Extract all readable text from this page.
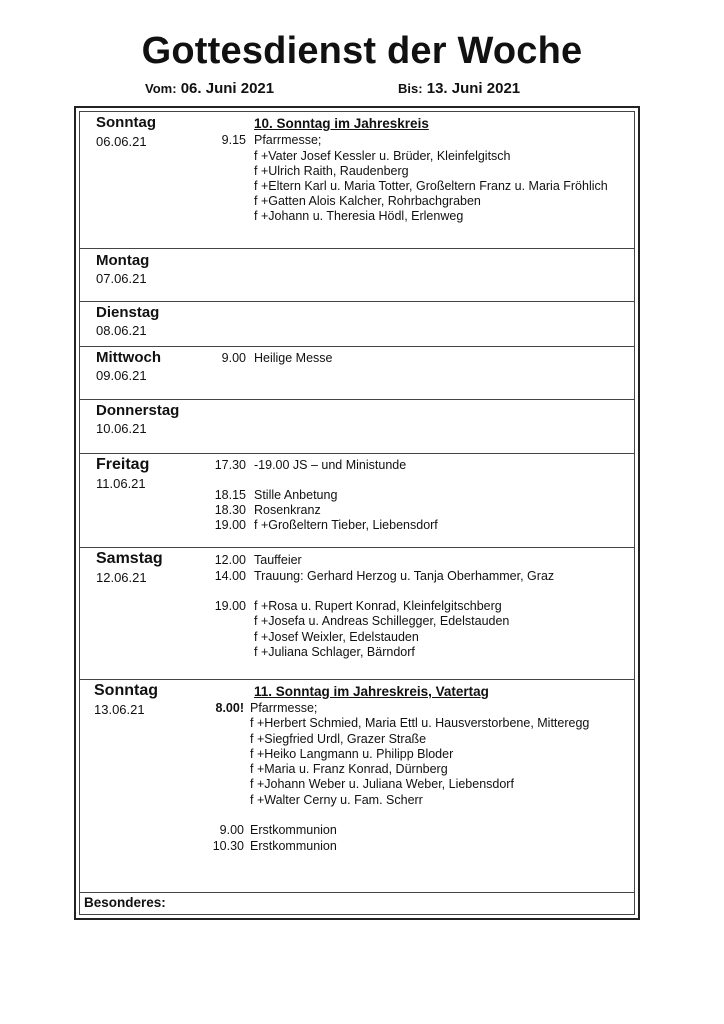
Gottesdienst der Woche
Vom: 06. Juni 2021	Bis: 13. Juni 2021
Sonntag
06.06.21
10. Sonntag im Jahreskreis
9.15 Pfarrmesse;
f +Vater Josef Kessler u. Brüder, Kleinfelgitsch
f +Ulrich Raith, Raudenberg
f +Eltern Karl u. Maria Totter, Großeltern Franz u. Maria Fröhlich
f +Gatten Alois Kalcher, Rohrbachgraben
f +Johann u. Theresia Hödl, Erlenweg
Montag
07.06.21
Dienstag
08.06.21
Mittwoch
09.06.21
9.00 Heilige Messe
Donnerstag
10.06.21
Freitag
11.06.21
17.30 -19.00 JS – und Ministunde
18.15 Stille Anbetung
18.30 Rosenkranz
19.00 f +Großeltern Tieber, Liebensdorf
Samstag
12.06.21
12.00 Tauffeier
14.00 Trauung: Gerhard Herzog u. Tanja Oberhammer, Graz
19.00 f +Rosa u. Rupert Konrad, Kleinfelgitschberg
f +Josefa u. Andreas Schillegger, Edelstauden
f +Josef Weixler, Edelstauden
f +Juliana Schlager, Bärndorf
Sonntag
13.06.21
11. Sonntag im Jahreskreis, Vatertag
8.00! Pfarrmesse;
f +Herbert Schmied, Maria Ettl u. Hausverstorbene, Mitteregg
f +Siegfried Urdl, Grazer Straße
f +Heiko Langmann u. Philipp Bloder
f +Maria u. Franz Konrad, Dürnberg
f +Johann Weber u. Juliana Weber, Liebensdorf
f +Walter Cerny u. Fam. Scherr
9.00 Erstkommunion
10.30 Erstkommunion
Besonderes:
